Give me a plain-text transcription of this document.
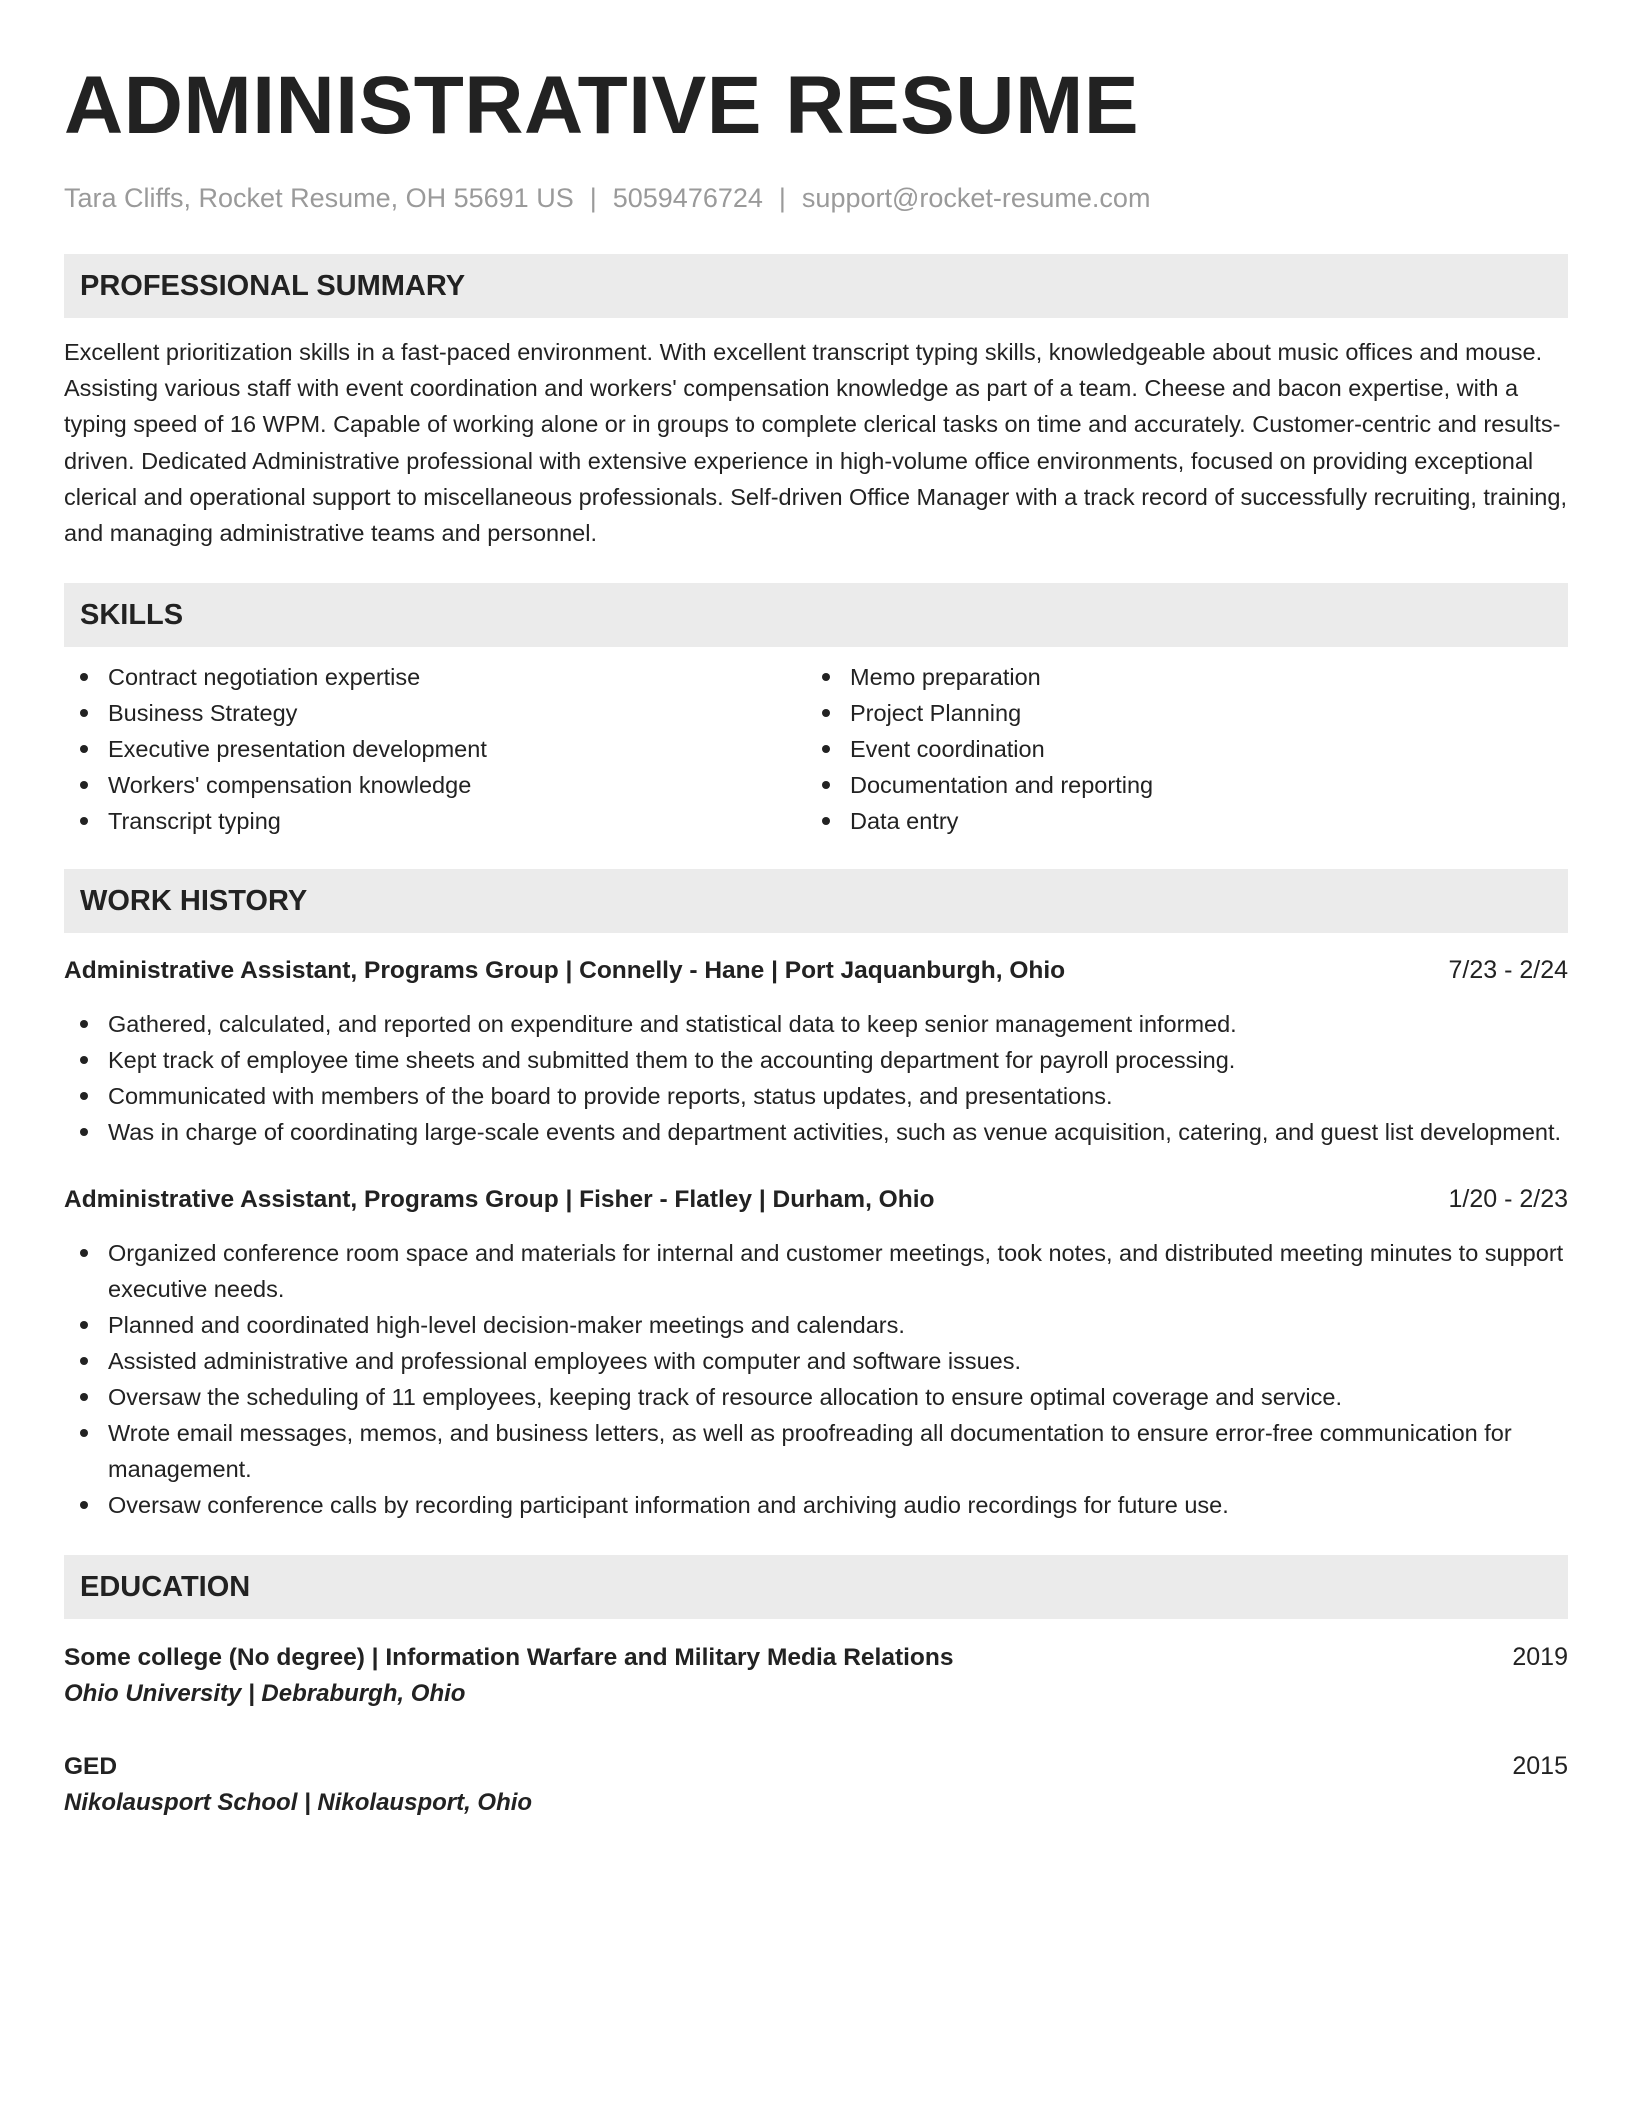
ADMINISTRATIVE RESUME
Tara Cliffs, Rocket Resume, OH 55691 US | 5059476724 | support@rocket-resume.com
PROFESSIONAL SUMMARY
Excellent prioritization skills in a fast-paced environment. With excellent transcript typing skills, knowledgeable about music offices and mouse. Assisting various staff with event coordination and workers' compensation knowledge as part of a team. Cheese and bacon expertise, with a typing speed of 16 WPM. Capable of working alone or in groups to complete clerical tasks on time and accurately. Customer-centric and results-driven. Dedicated Administrative professional with extensive experience in high-volume office environments, focused on providing exceptional clerical and operational support to miscellaneous professionals. Self-driven Office Manager with a track record of successfully recruiting, training, and managing administrative teams and personnel.
SKILLS
Contract negotiation expertise
Business Strategy
Executive presentation development
Workers' compensation knowledge
Transcript typing
Memo preparation
Project Planning
Event coordination
Documentation and reporting
Data entry
WORK HISTORY
Administrative Assistant, Programs Group | Connelly - Hane | Port Jaquanburgh, Ohio	7/23 - 2/24
Gathered, calculated, and reported on expenditure and statistical data to keep senior management informed.
Kept track of employee time sheets and submitted them to the accounting department for payroll processing.
Communicated with members of the board to provide reports, status updates, and presentations.
Was in charge of coordinating large-scale events and department activities, such as venue acquisition, catering, and guest list development.
Administrative Assistant, Programs Group | Fisher - Flatley | Durham, Ohio	1/20 - 2/23
Organized conference room space and materials for internal and customer meetings, took notes, and distributed meeting minutes to support executive needs.
Planned and coordinated high-level decision-maker meetings and calendars.
Assisted administrative and professional employees with computer and software issues.
Oversaw the scheduling of 11 employees, keeping track of resource allocation to ensure optimal coverage and service.
Wrote email messages, memos, and business letters, as well as proofreading all documentation to ensure error-free communication for management.
Oversaw conference calls by recording participant information and archiving audio recordings for future use.
EDUCATION
Some college (No degree) | Information Warfare and Military Media Relations	2019
Ohio University | Debraburgh, Ohio
GED	2015
Nikolausport School | Nikolausport, Ohio
